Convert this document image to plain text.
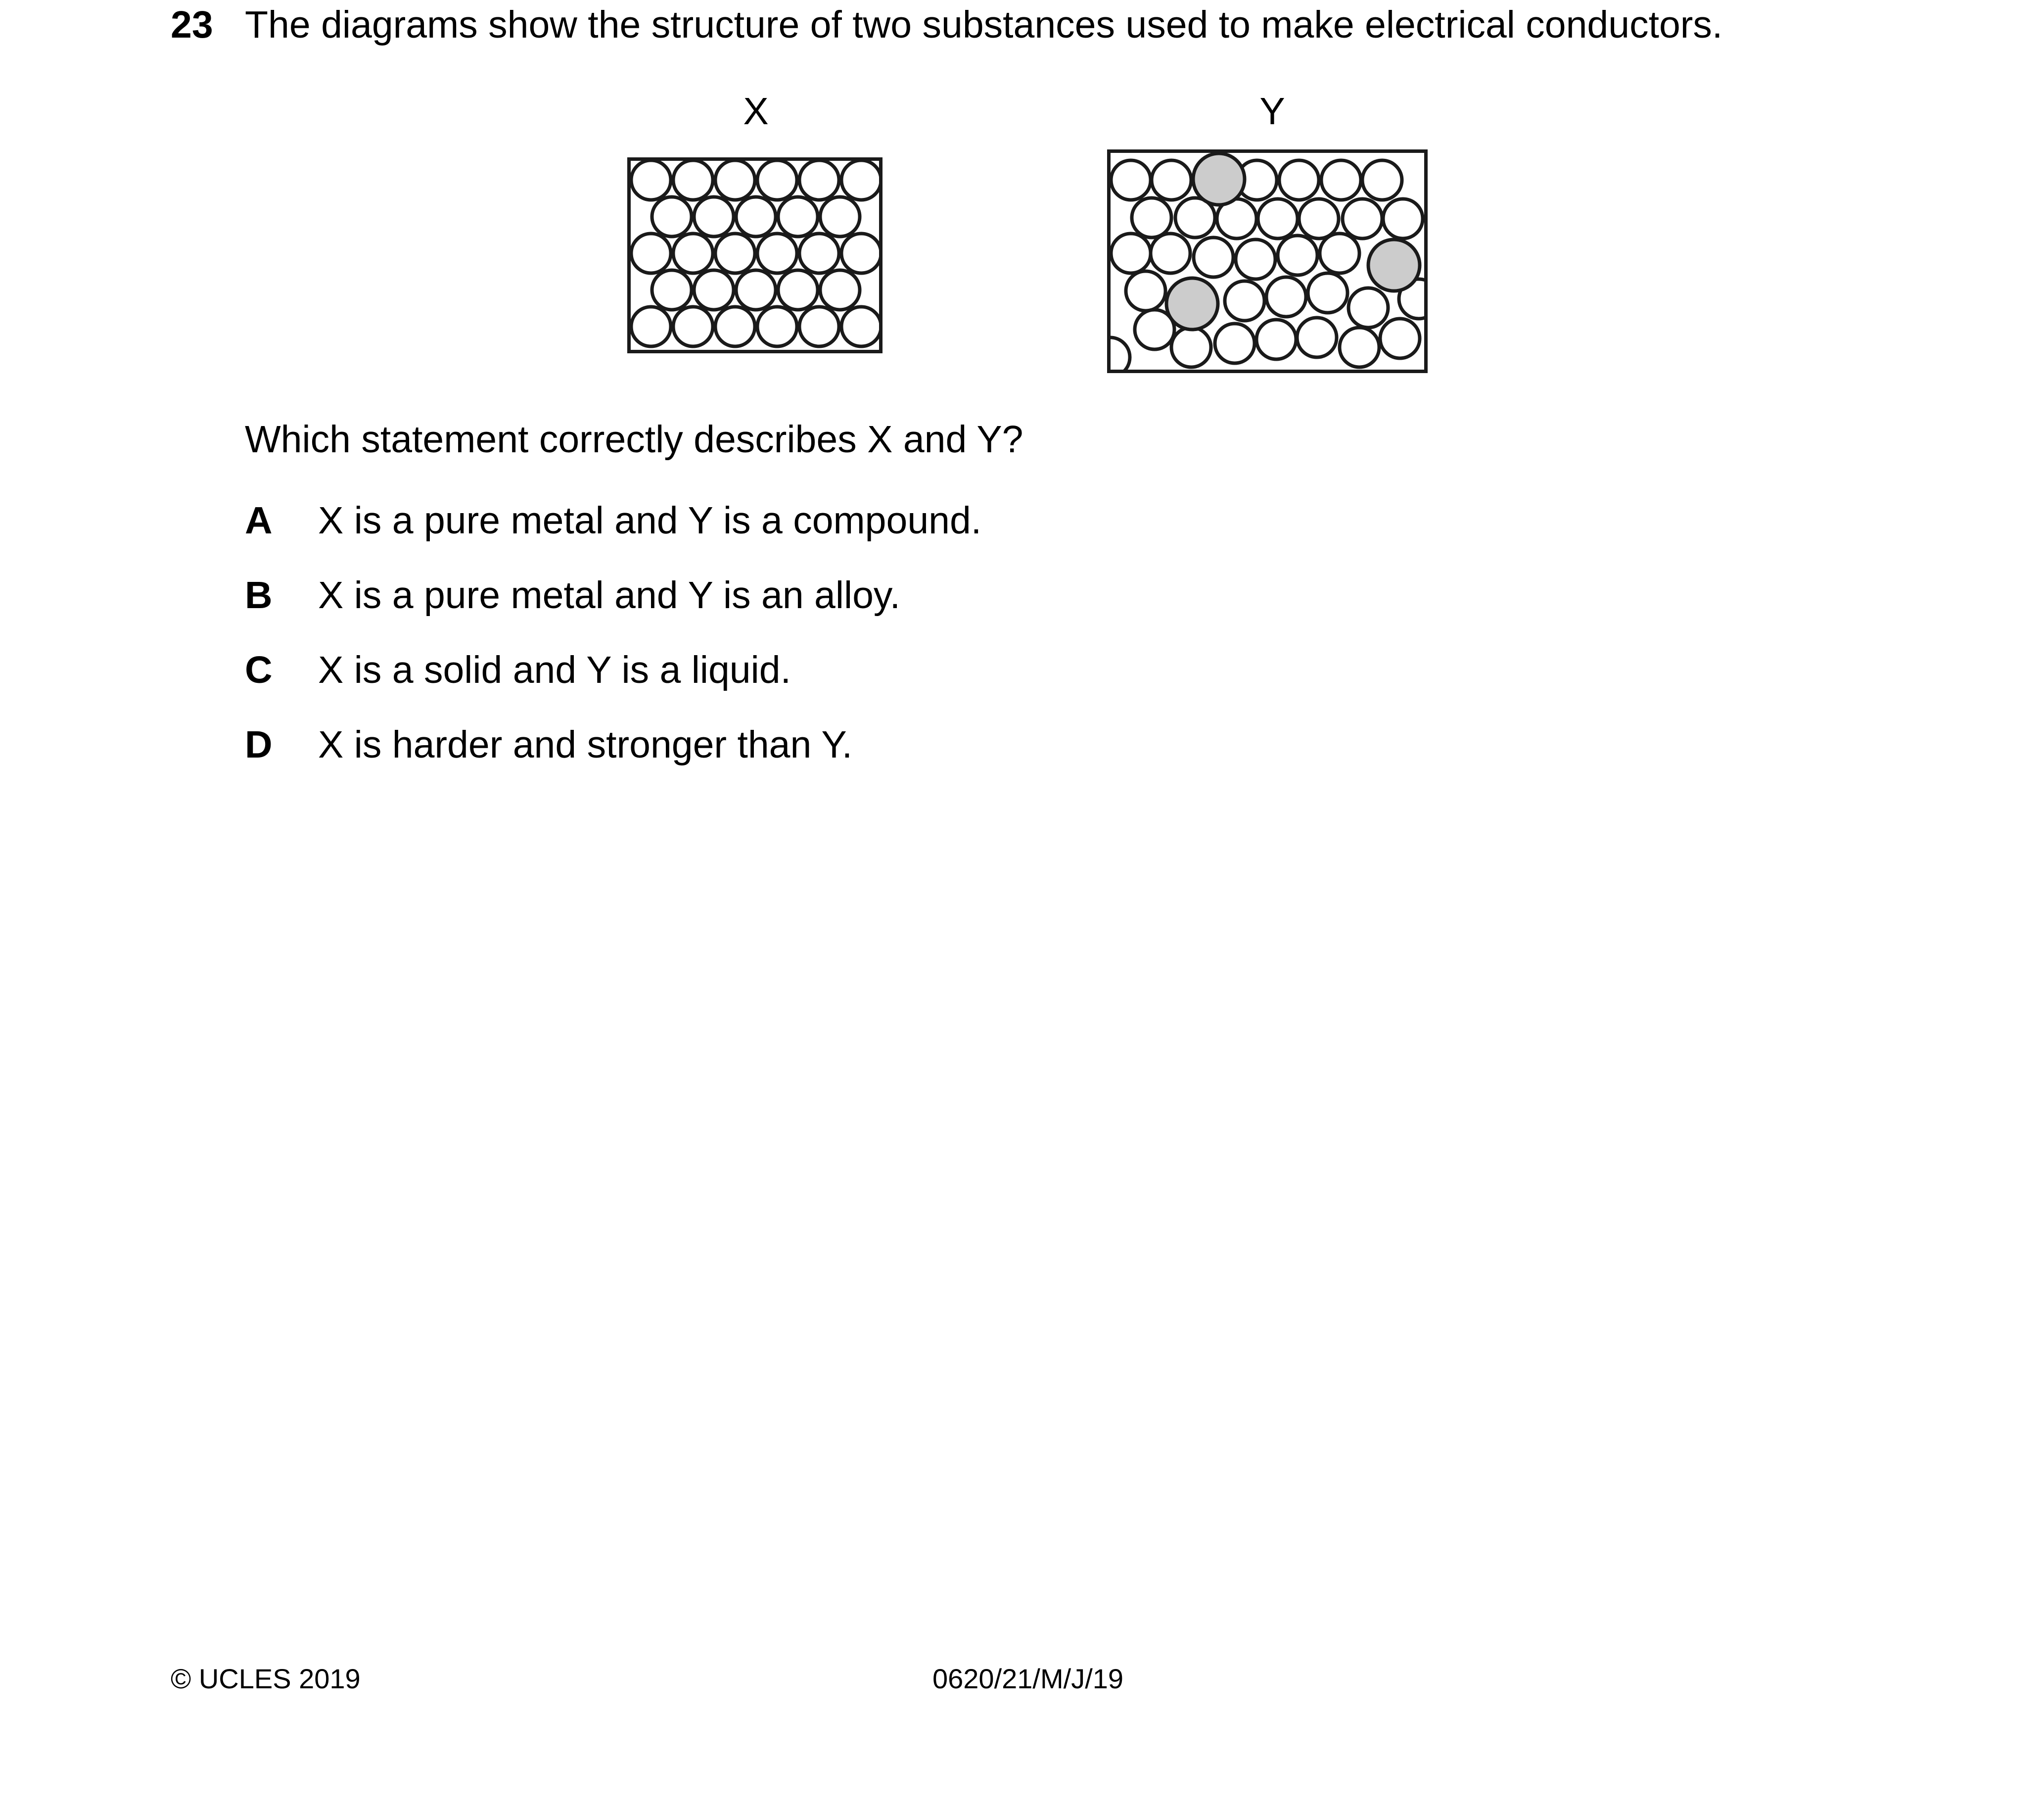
23 The diagrams show the structure of two substances used to make electrical conductors.
X	Y
Which statement correctly describes X and Y?
A X is a pure metal and Y is a compound.
B X is a pure metal and Y is an alloy.
C X is a solid and Y is a liquid.
D X is harder and stronger than Y.
© UCLES 2019	0620/21/M/J/19
